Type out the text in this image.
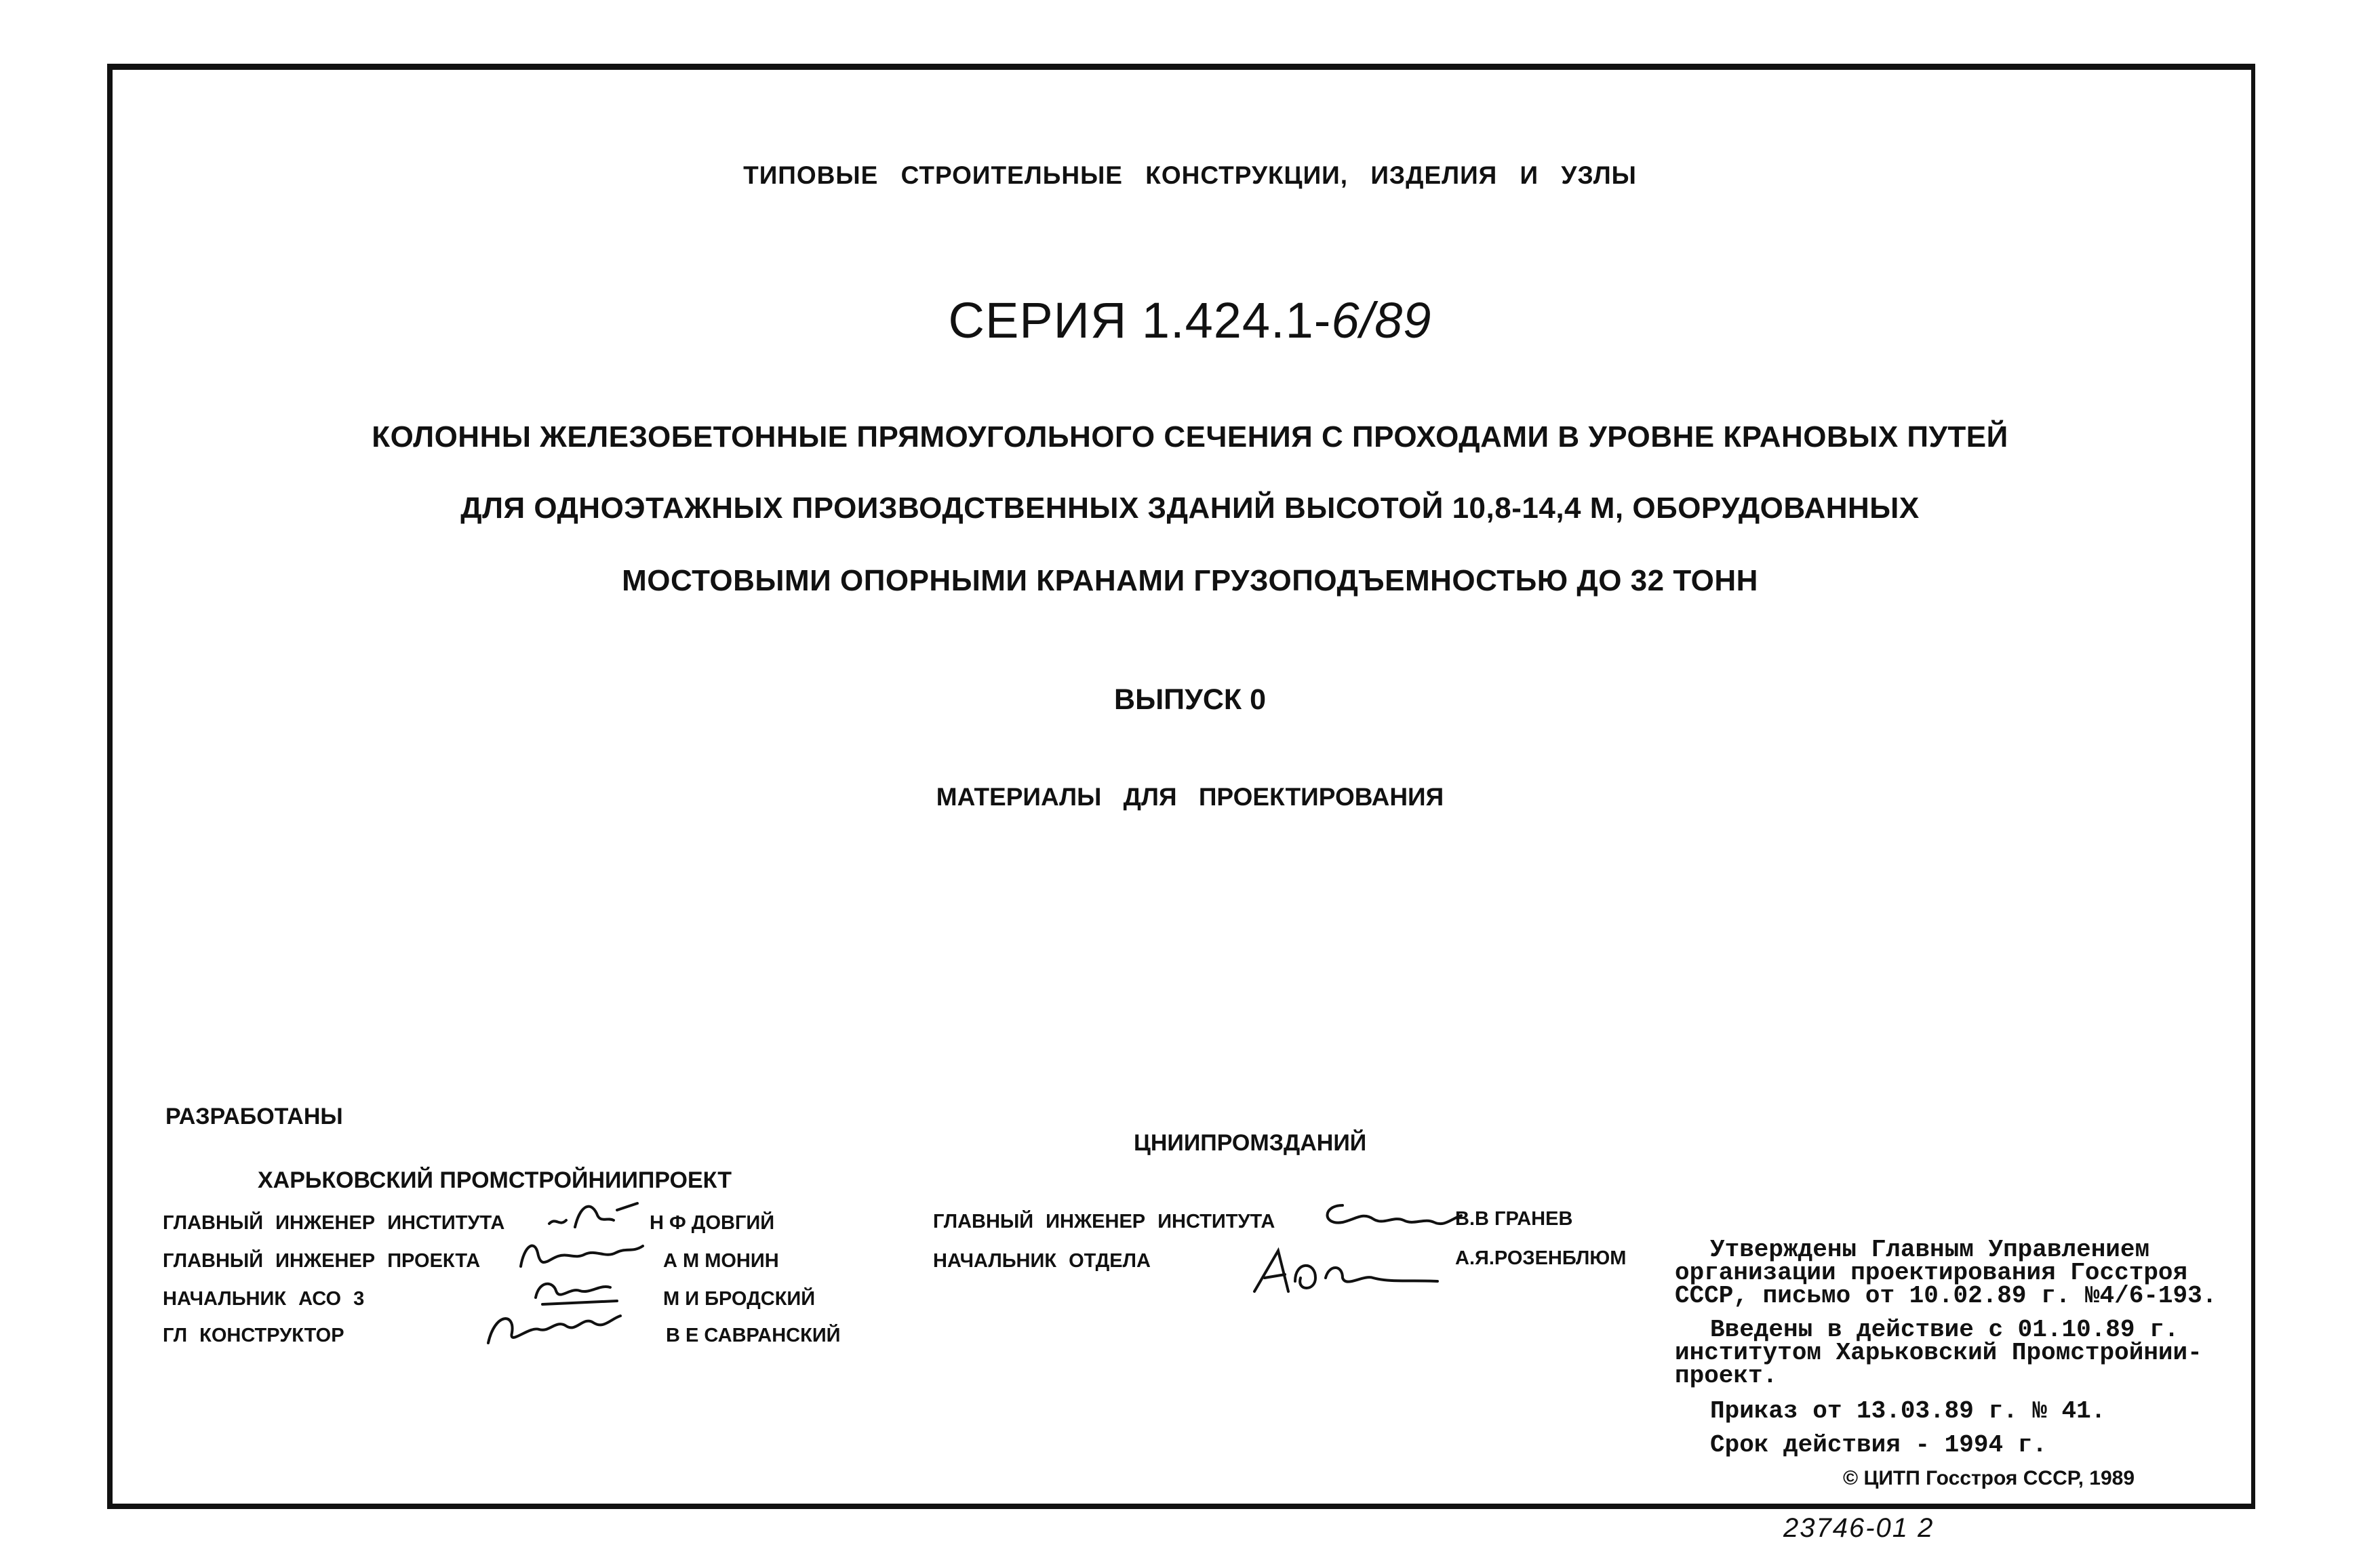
ТИПОВЫЕ СТРОИТЕЛЬНЫЕ КОНСТРУКЦИИ, ИЗДЕЛИЯ И УЗЛЫ
СЕРИЯ 1.424.1-6/89
КОЛОННЫ ЖЕЛЕЗОБЕТОННЫЕ ПРЯМОУГОЛЬНОГО СЕЧЕНИЯ С ПРОХОДАМИ В УРОВНЕ КРАНОВЫХ ПУТЕЙ
ДЛЯ ОДНОЭТАЖНЫХ ПРОИЗВОДСТВЕННЫХ ЗДАНИЙ ВЫСОТОЙ 10,8-14,4 М, ОБОРУДОВАННЫХ
МОСТОВЫМИ ОПОРНЫМИ КРАНАМИ ГРУЗОПОДЪЕМНОСТЬЮ ДО 32 ТОНН
ВЫПУСК 0
МАТЕРИАЛЫ ДЛЯ ПРОЕКТИРОВАНИЯ
РАЗРАБОТАНЫ
ХАРЬКОВСКИЙ ПРОМСТРОЙНИИПРОЕКТ
ЦНИИПРОМЗДАНИЙ
ГЛАВНЫЙ ИНЖЕНЕР ИНСТИТУТА	Н Ф ДОВГИЙ
ГЛАВНЫЙ ИНЖЕНЕР ПРОЕКТА	А М МОНИН
НАЧАЛЬНИК АСО 3	М И БРОДСКИЙ
ГЛ КОНСТРУКТОР	В Е САВРАНСКИЙ
ГЛАВНЫЙ ИНЖЕНЕР ИНСТИТУТА	В.В ГРАНЕВ
НАЧАЛЬНИК ОТДЕЛА	А.Я.РОЗЕНБЛЮМ	Утверждены Главным Управлением
организации проектирования Госстроя
СССР, письмо от 10.02.89 г. №4/6-193.
Введены в действие с 01.10.89 г.
институтом Харьковский Промстройнии-
проект.
Приказ от 13.03.89 г. № 41.
Срок действия - 1994 г.
© ЦИТП Госстроя СССР, 1989
23746-01 2
